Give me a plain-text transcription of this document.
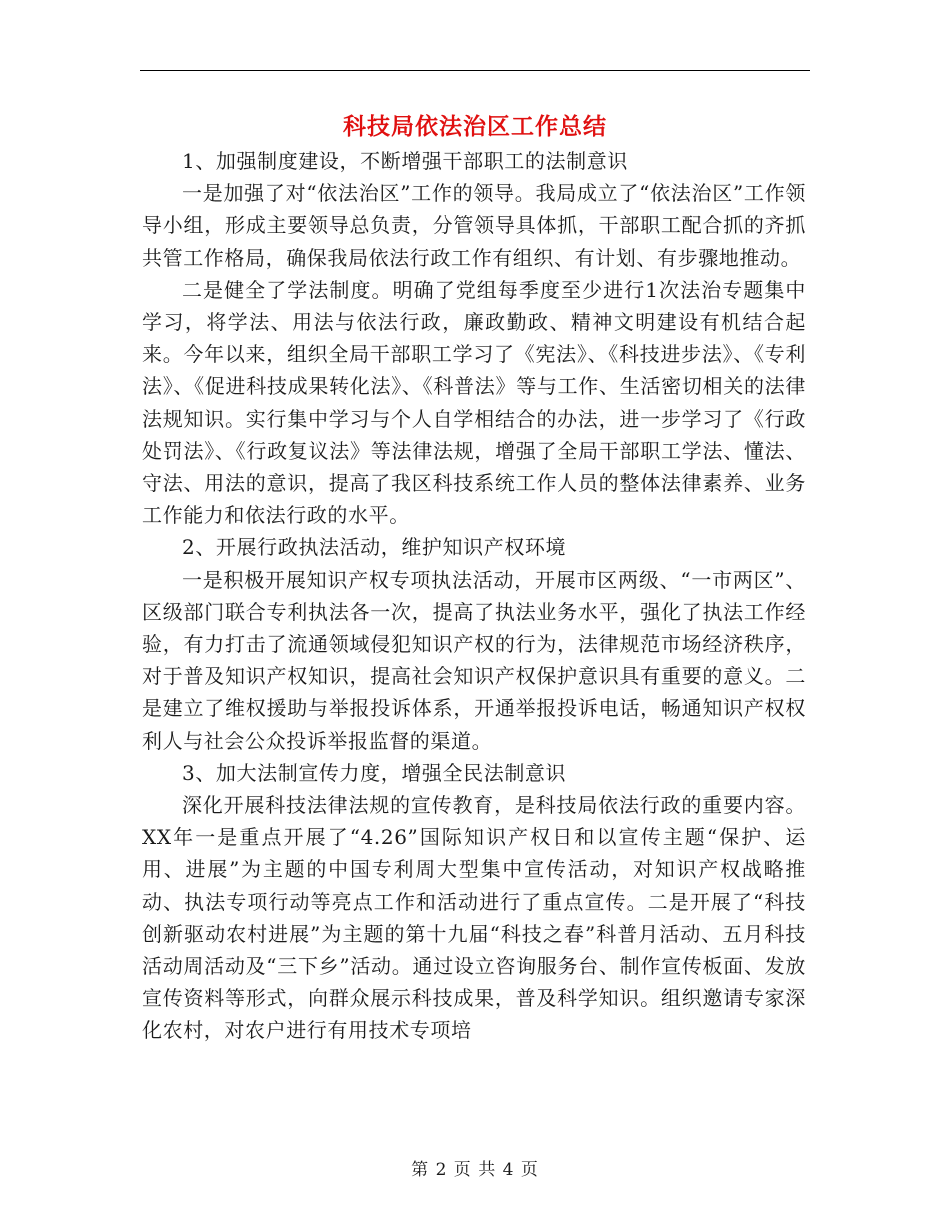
科技局依法治区工作总结

1、加强制度建设，不断增强干部职工的法制意识

一是加强了对“依法治区”工作的领导。我局成立了“依法治区”工作领导小组，形成主要领导总负责，分管领导具体抓，干部职工配合抓的齐抓共管工作格局，确保我局依法行政工作有组织、有计划、有步骤地推动。

二是健全了学法制度。明确了党组每季度至少进行1次法治专题集中学习，将学法、用法与依法行政，廉政勤政、精神文明建设有机结合起来。今年以来，组织全局干部职工学习了《宪法》、《科技进步法》、《专利法》、《促进科技成果转化法》、《科普法》等与工作、生活密切相关的法律法规知识。实行集中学习与个人自学相结合的办法，进一步学习了《行政处罚法》、《行政复议法》等法律法规，增强了全局干部职工学法、懂法、守法、用法的意识，提高了我区科技系统工作人员的整体法律素养、业务工作能力和依法行政的水平。

2、开展行政执法活动，维护知识产权环境

一是积极开展知识产权专项执法活动，开展市区两级、“一市两区”、区级部门联合专利执法各一次，提高了执法业务水平，强化了执法工作经验，有力打击了流通领域侵犯知识产权的行为，法律规范市场经济秩序，对于普及知识产权知识，提高社会知识产权保护意识具有重要的意义。二是建立了维权援助与举报投诉体系，开通举报投诉电话，畅通知识产权权利人与社会公众投诉举报监督的渠道。

3、加大法制宣传力度，增强全民法制意识

深化开展科技法律法规的宣传教育，是科技局依法行政的重要内容。XX年一是重点开展了“4.26”国际知识产权日和以宣传主题“保护、运用、进展”为主题的中国专利周大型集中宣传活动，对知识产权战略推动、执法专项行动等亮点工作和活动进行了重点宣传。二是开展了“科技创新驱动农村进展”为主题的第十九届“科技之春”科普月活动、五月科技活动周活动及“三下乡”活动。通过设立咨询服务台、制作宣传板面、发放宣传资料等形式，向群众展示科技成果，普及科学知识。组织邀请专家深化农村，对农户进行有用技术专项培

第 2 页 共 4 页
